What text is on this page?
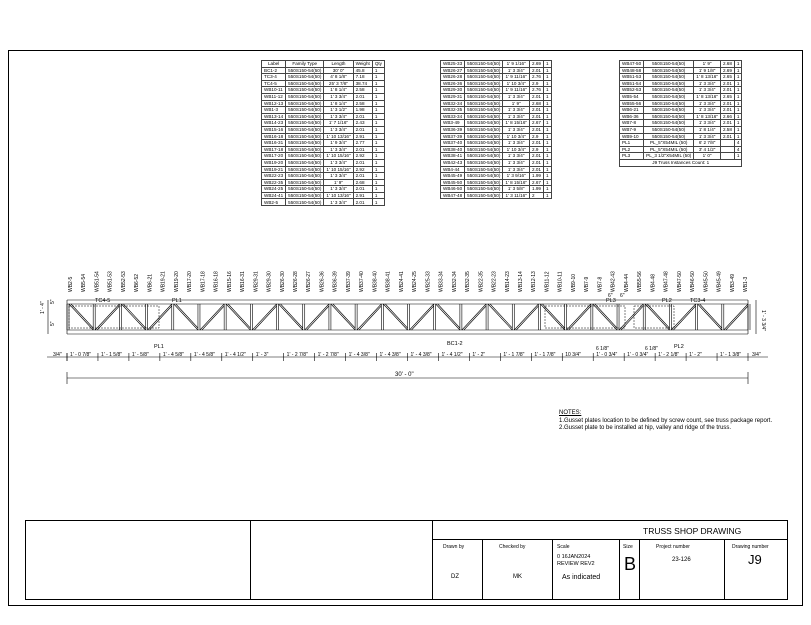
Label	Family Type	Length	Weight	Qty
BC1-2	550S150-54(50)	30' 0"	45.8	1
TC3-4	550S150-54(50)	4' 8 1/8"	7.18	1
TC4-5	550S150-54(50)	25' 3 7/8"	38.74	1
WB10-11	550S150-54(50)	1' 8 1/4"	2.58	1
WB11-12	550S150-54(50)	1' 3 3/4"	2.01	1
WB12-13	550S150-54(50)	1' 8 1/4"	2.58	1
WB1-3	550S150-54(50)	1' 3 1/2"	1.98	1
WB13-14	550S150-54(50)	1' 3 3/4"	2.01	1
WB14-23	550S150-54(50)	1' 7 1/16"	2.43	1
WB15-16	550S150-54(50)	1' 3 3/4"	2.01	1
WB16-18	550S150-54(50)	1' 10 13/16"	2.91	1
WB16-31	550S150-54(50)	1' 9 3/4"	2.77	1
WB17-18	550S150-54(50)	1' 3 3/4"	2.01	1
WB17-20	550S150-54(50)	1' 10 15/16"	2.92	1
WB19-20	550S150-54(50)	1' 3 3/4"	2.01	1
WB19-21	550S150-54(50)	1' 10 15/16"	2.92	1
WB22-23	550S150-54(50)	1' 3 3/4"	2.01	1
WB22-35	550S150-54(50)	1' 9"	2.68	1
WB24-25	550S150-54(50)	1' 3 3/4"	2.01	1
WB24-41	550S150-54(50)	1' 10 13/16"	2.91	1
WB2-5	550S150-54(50)	1' 3 3/4"	2.01	1
WB25-33	550S150-54(50)	1' 9 1/16"	2.69	1
WB26-27	550S150-54(50)	1' 3 3/4"	2.01	1
WB26-28	550S150-54(50)	1' 9 11/16"	2.76	1
WB26-36	550S150-54(50)	1' 10 3/4"	2.9	1
WB29-30	550S150-54(50)	1' 9 11/16"	2.76	1
WB29-31	550S150-54(50)	1' 3 3/4"	2.01	1
WB32-34	550S150-54(50)	1' 9"	2.68	1
WB32-35	550S150-54(50)	1' 3 3/4"	2.01	1
WB33-34	550S150-54(50)	1' 3 3/4"	2.01	1
WB3-49	550S150-54(50)	1' 8 15/16"	2.67	1
WB36-39	550S150-54(50)	1' 3 3/4"	2.01	1
WB37-39	550S150-54(50)	1' 10 3/4"	2.9	1
WB37-40	550S150-54(50)	1' 3 3/4"	2.01	1
WB38-40	550S150-54(50)	1' 10 3/4"	2.9	1
WB38-41	550S150-54(50)	1' 3 3/4"	2.01	1
WB42-43	550S150-54(50)	1' 3 3/4"	2.01	1
WB4-44	550S150-54(50)	1' 3 3/4"	2.01	1
WB45-49	550S150-54(50)	1' 3 9/16"	1.99	1
WB45-50	550S150-54(50)	1' 8 15/16"	2.67	1
WB46-50	550S150-54(50)	1' 3 5/8"	1.99	1
WB47-48	550S150-54(50)	1' 3 11/16"	2	1
WB47-50	550S150-54(50)	1' 9"	2.68	1
WB48-58	550S150-54(50)	1' 9 1/8"	2.69	1
WB51-53	550S150-54(50)	1' 8 13/16"	2.65	1
WB51-54	550S150-54(50)	1' 3 3/4"	2.01	1
WB52-53	550S150-54(50)	1' 3 3/4"	2.01	1
WB5-54	550S150-54(50)	1' 8 13/16"	2.65	1
WB55-56	550S150-54(50)	1' 3 3/4"	2.01	1
WB6-21	550S150-54(50)	1' 3 3/4"	2.01	1
WB6-36	550S150-54(50)	1' 8 13/16"	2.66	1
WB7-8	550S150-54(50)	1' 3 3/4"	2.01	1
WB7-9	550S150-54(50)	1' 8 1/4"	2.58	1
WB9-10	550S150-54(50)	1' 3 3/4"	2.01	1
PL1	PL_5"X54MIL (50)	6' 2 7/8"		4
PL2	PL_5"X54MIL (50)	3' 4 1/2"		4
PL3	PL_3 1/2"X54MIL (50)	1' 0"		1
J9 Truss Instances Count: 1				
WB2-5 WB5-54 WB51-54 WB51-53 WB52-53 WB6-52 WB6-21 WB19-21 WB19-20 WB17-20 WB17-18 WB16-18 WB15-16 WB16-31 WB29-31 WB29-30 WB26-30 WB26-28 WB26-27 WB26-36 WB36-39 WB37-39 WB37-40 WB38-40 WB38-41 WB24-41 WB24-25 WB25-33 WB33-34 WB32-34 WB32-35 WB22-35 WB22-23 WB14-23 WB13-14 WB12-13 WB11-12 WB10-11 WB9-10 WB7-9 WB7-8 WB42-43 WB4-44 WB55-56 WB4-48 WB47-48 WB47-50 WB46-50 WB45-50 WB45-49 WB3-49 WB1-3
TC4-5	TC3-4
BC1-2
PL1
PL1
PL3	PL2
PL2
3/4" 1' - 0 7/8" 1' - 1 5/8" 1' - 5/8"	1' - 4 5/8" 1' - 4 5/8" 1' - 4 1/2" 1' - 3"	1' - 2 7/8" 1' - 2 7/8" 1' - 4 3/8" 1' - 4 3/8" 1' - 4 3/8" 1' - 4 1/2" 1' - 2"	1' - 1 7/8" 1' - 1 7/8" 10 3/4"	1' - 0 3/4" 1' - 0 3/4" 1' - 2 1/8" 1' - 2"	1' - 1 3/8" 3/4"
30' - 0"
1' - 4" 5"
5"	1' - 3 3/4"
6" 6"
6 1/8"	6 1/8"
NOTES:
1.Gusset plates location to be defined by screw count, see truss package report.
2.Gusset plate to be installed at hip, valley and ridge of the truss.
TRUSS SHOP DRAWING
Drawn by
DZ
Checked by
MK
Scale
0 16JAN2024
REVIEW REV2
As indicated
Size
B
Project number
23-126
Drawing number
J9
